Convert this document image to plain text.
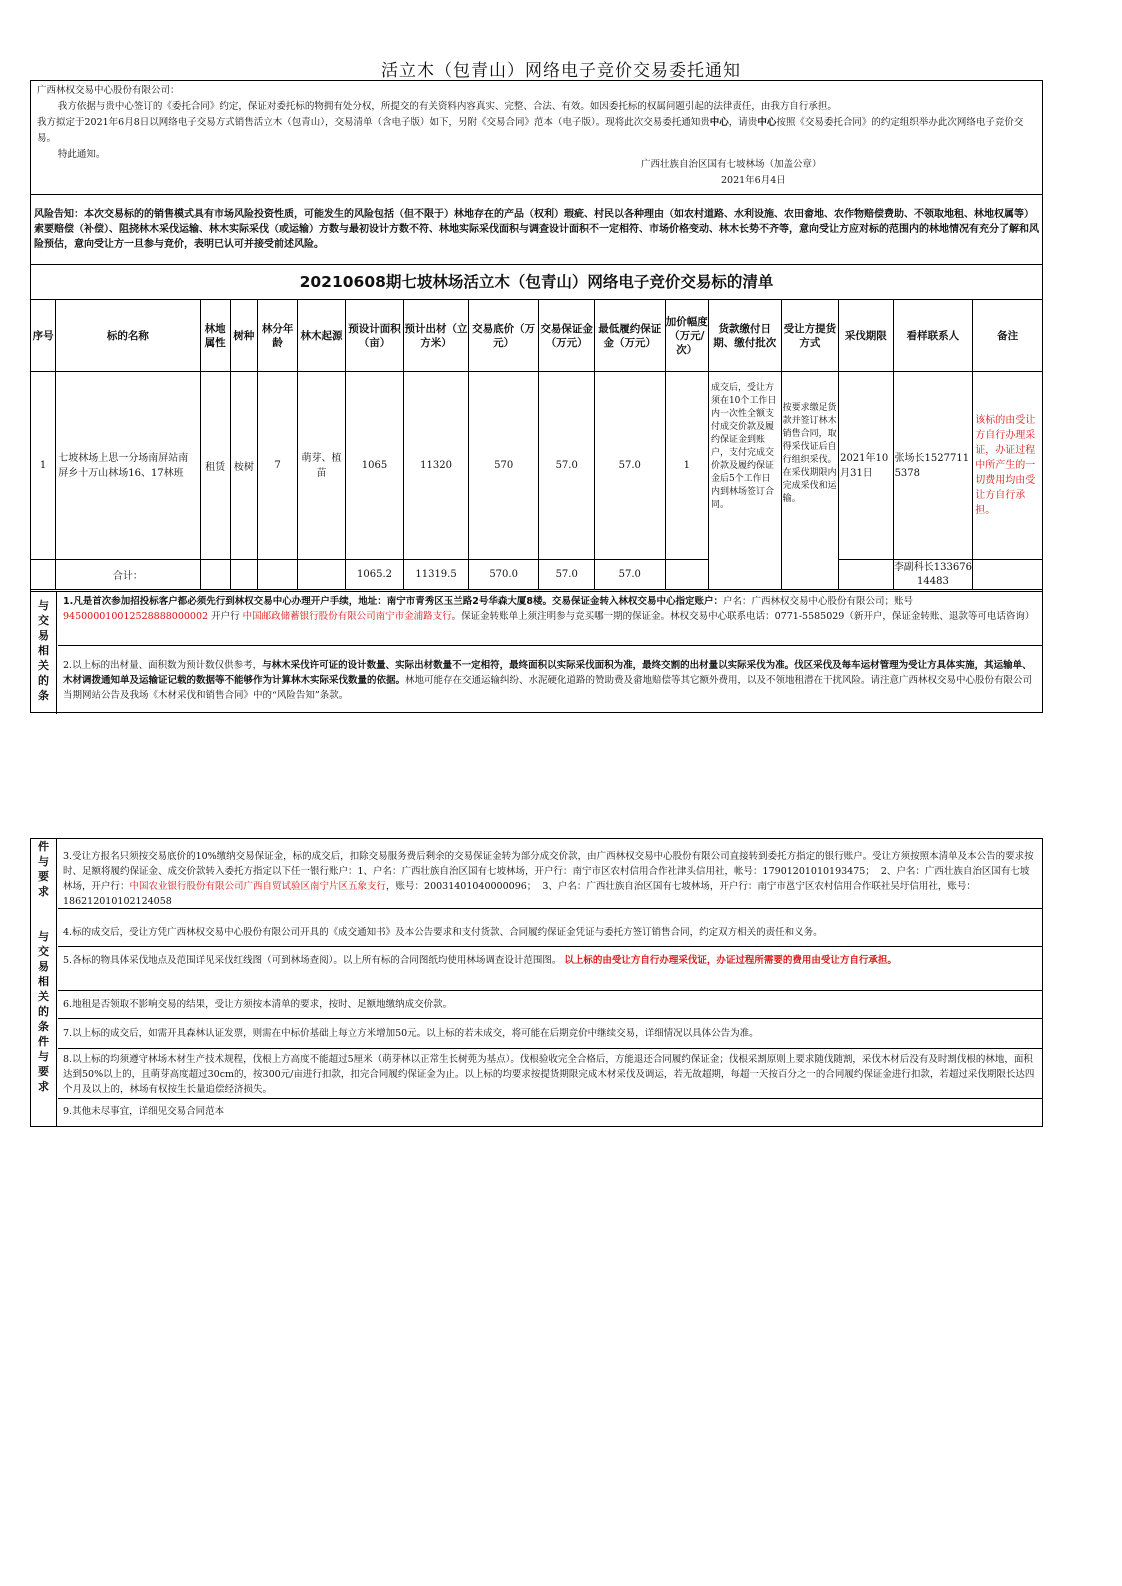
活立木（包青山）网络电子竞价交易委托通知
广西林权交易中心股份有限公司：
我方依据与贵中心签订的《委托合同》约定，保证对委托标的物拥有处分权，所提交的有关资料内容真实、完整、合法、有效。如因委托标的权属问题引起的法律责任，由我方自行承担。
我方拟定于2021年6月8日以网络电子交易方式销售活立木（包青山），交易清单（含电子版）如下，另附《交易合同》范本（电子版）。现将此次交易委托通知贵中心，请贵中心按照《交易委托合同》的约定组织举办此次网络电子竞价交易。
特此通知。
广西壮族自治区国有七坡林场（加盖公章）
2021年6月4日
风险告知：本次交易标的的销售模式具有市场风险投资性质，可能发生的风险包括（但不限于）林地存在的产品（权利）瑕疵、村民以各种理由（如农村道路、水利设施、农田畲地、农作物赔偿费助、不领取地租、林地权属等）索要赔偿（补偿）、阻挠林木采伐运输、林木实际采伐（或运输）方数与最初设计方数不符、林地实际采伐面积与调查设计面积不一定相符、市场价格变动、林木长势不齐等，意向受让方应对标的范围内的林地情况有充分了解和风险预估，意向受让方一旦参与竞价，表明已认可并接受前述风险。
20210608期七坡林场活立木（包青山）网络电子竞价交易标的清单
序号	标的名称	林地属性	树种	林分年龄	林木起源	预设计面积（亩）	预计出材（立方米）	交易底价（万元）	交易保证金（万元）	最低履约保证金（万元）	加价幅度（万元/次）	货款缴付日期、缴付批次	受让方提货方式	采伐期限	看样联系人	备注
1	七坡林场上思一分场南屏站南屏乡十万山林场16、17林班	租赁	桉树	7	萌芽、植苗	1065	11320	570	57.0	57.0	1	成交后，受让方须在10个工作日内一次性全额支付成交价款及履约保证金到账户，支付完成交价款及履约保证金后5个工作日内到林场签订合同。	按要求缴足货款并签订林木销售合同，取得采伐证后自行组织采伐。在采伐期限内完成采伐和运输。	2021年10月31日	张场长15277115378	该标的由受让方自行办理采证，办证过程中所产生的一切费用均由受让方自行承担。
	合计：					1065.2	11319.5	570.0	57.0	57.0					李副科长13367614483	
与交易相关的条
1.凡是首次参加招投标客户都必须先行到林权交易中心办理开户手续，地址：南宁市青秀区玉兰路2号华森大厦8楼。交易保证金转入林权交易中心指定账户：户名：广西林权交易中心股份有限公司；账号 945000010012528888000002 开户行 中国邮政储蓄银行股份有限公司南宁市金浦路支行。保证金转账单上须注明参与竞买哪一期的保证金。林权交易中心联系电话：0771-5585029（新开户，保证金转账、退款等可电话咨询）
2.以上标的出材量、面积数为预计数仅供参考，与林木采伐许可证的设计数量、实际出材数量不一定相符，最终面积以实际采伐面积为准，最终交割的出材量以实际采伐为准。伐区采伐及每车运材管理为受让方具体实施，其运输单、木材调拨通知单及运输证记载的数据等不能够作为计算林木实际采伐数量的依据。林地可能存在交通运输纠纷、水泥硬化道路的赞助费及畲地赔偿等其它额外费用，以及不领地租潜在干扰风险。请注意广西林权交易中心股份有限公司当期网站公告及我场《木材采伐和销售合同》中的“风险告知”条款。
件与要求
与交易相关的条件与要求
3.受让方报名只须按交易底价的10%缴纳交易保证金，标的成交后，扣除交易服务费后剩余的交易保证金转为部分成交价款，由广西林权交易中心股份有限公司直接转到委托方指定的银行账户。受让方须按照本清单及本公告的要求按时、足额将履约保证金、成交价款转入委托方指定以下任一银行账户：1、户名：广西壮族自治区国有七坡林场，开户行：南宁市区农村信用合作社津头信用社，帐号：17901201010193475； 2、户名：广西壮族自治区国有七坡林场，开户行：中国农业银行股份有限公司广西自贸试验区南宁片区五象支行，账号：20031401040000096； 3、户名：广西壮族自治区国有七坡林场，开户行：南宁市邕宁区农村信用合作联社吴圩信用社，账号：186212010102124058
4.标的成交后，受让方凭广西林权交易中心股份有限公司开具的《成交通知书》及本公告要求和支付货款、合同履约保证金凭证与委托方签订销售合同，约定双方相关的责任和义务。
5.各标的物具体采伐地点及范围详见采伐红线图（可到林场查阅）。以上所有标的合同图纸均使用林场调查设计范围图。 以上标的由受让方自行办理采伐证，办证过程所需要的费用由受让方自行承担。
6.地租是否领取不影响交易的结果，受让方须按本清单的要求，按时、足额地缴纳成交价款。
7.以上标的成交后，如需开具森林认证发票，则需在中标价基础上每立方米增加50元。以上标的若未成交，将可能在后期竞价中继续交易，详细情况以具体公告为准。
8.以上标的均须遵守林场木材生产技术规程，伐根上方高度不能超过5厘米（萌芽林以正常生长树蔸为基点）。伐根验收完全合格后，方能退还合同履约保证金；伐根采割原则上要求随伐随割，采伐木材后没有及时割伐根的林地，面积达到50%以上的，且萌芽高度超过30cm的，按300元/亩进行扣款，扣完合同履约保证金为止。以上标的均要求按提货期限完成木材采伐及调运，若无故超期，每超一天按百分之一的合同履约保证金进行扣款，若超过采伐期限长达四个月及以上的，林场有权按生长量追偿经济损失。
9.其他未尽事宜，详细见交易合同范本
